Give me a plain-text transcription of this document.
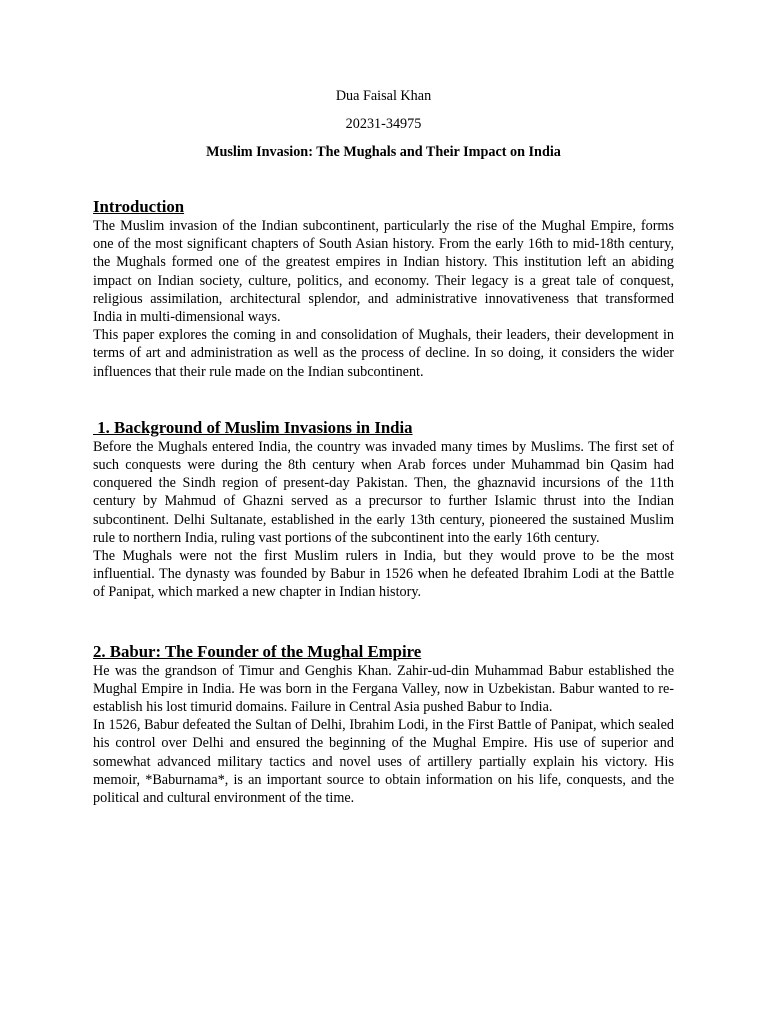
Dua Faisal Khan

20231-34975

Muslim Invasion: The Mughals and Their Impact on India

Introduction

The Muslim invasion of the Indian subcontinent, particularly the rise of the Mughal Empire, forms one of the most significant chapters of South Asian history. From the early 16th to mid-18th century, the Mughals formed one of the greatest empires in Indian history. This institution left an abiding impact on Indian society, culture, politics, and economy. Their legacy is a great tale of conquest, religious assimilation, architectural splendor, and administrative innovativeness that transformed India in multi-dimensional ways.

This paper explores the coming in and consolidation of Mughals, their leaders, their development in terms of art and administration as well as the process of decline. In so doing, it considers the wider influences that their rule made on the Indian subcontinent.

1. Background of Muslim Invasions in India

Before the Mughals entered India, the country was invaded many times by Muslims. The first set of such conquests were during the 8th century when Arab forces under Muhammad bin Qasim had conquered the Sindh region of present-day Pakistan. Then, the ghaznavid incursions of the 11th century by Mahmud of Ghazni served as a precursor to further Islamic thrust into the Indian subcontinent. Delhi Sultanate, established in the early 13th century, pioneered the sustained Muslim rule to northern India, ruling vast portions of the subcontinent into the early 16th century.

The Mughals were not the first Muslim rulers in India, but they would prove to be the most influential. The dynasty was founded by Babur in 1526 when he defeated Ibrahim Lodi at the Battle of Panipat, which marked a new chapter in Indian history.

2. Babur: The Founder of the Mughal Empire

He was the grandson of Timur and Genghis Khan. Zahir-ud-din Muhammad Babur established the Mughal Empire in India. He was born in the Fergana Valley, now in Uzbekistan. Babur wanted to re-establish his lost timurid domains. Failure in Central Asia pushed Babur to India.

In 1526, Babur defeated the Sultan of Delhi, Ibrahim Lodi, in the First Battle of Panipat, which sealed his control over Delhi and ensured the beginning of the Mughal Empire. His use of superior and somewhat advanced military tactics and novel uses of artillery partially explain his victory. His memoir, *Baburnama*, is an important source to obtain information on his life, conquests, and the political and cultural environment of the time.
